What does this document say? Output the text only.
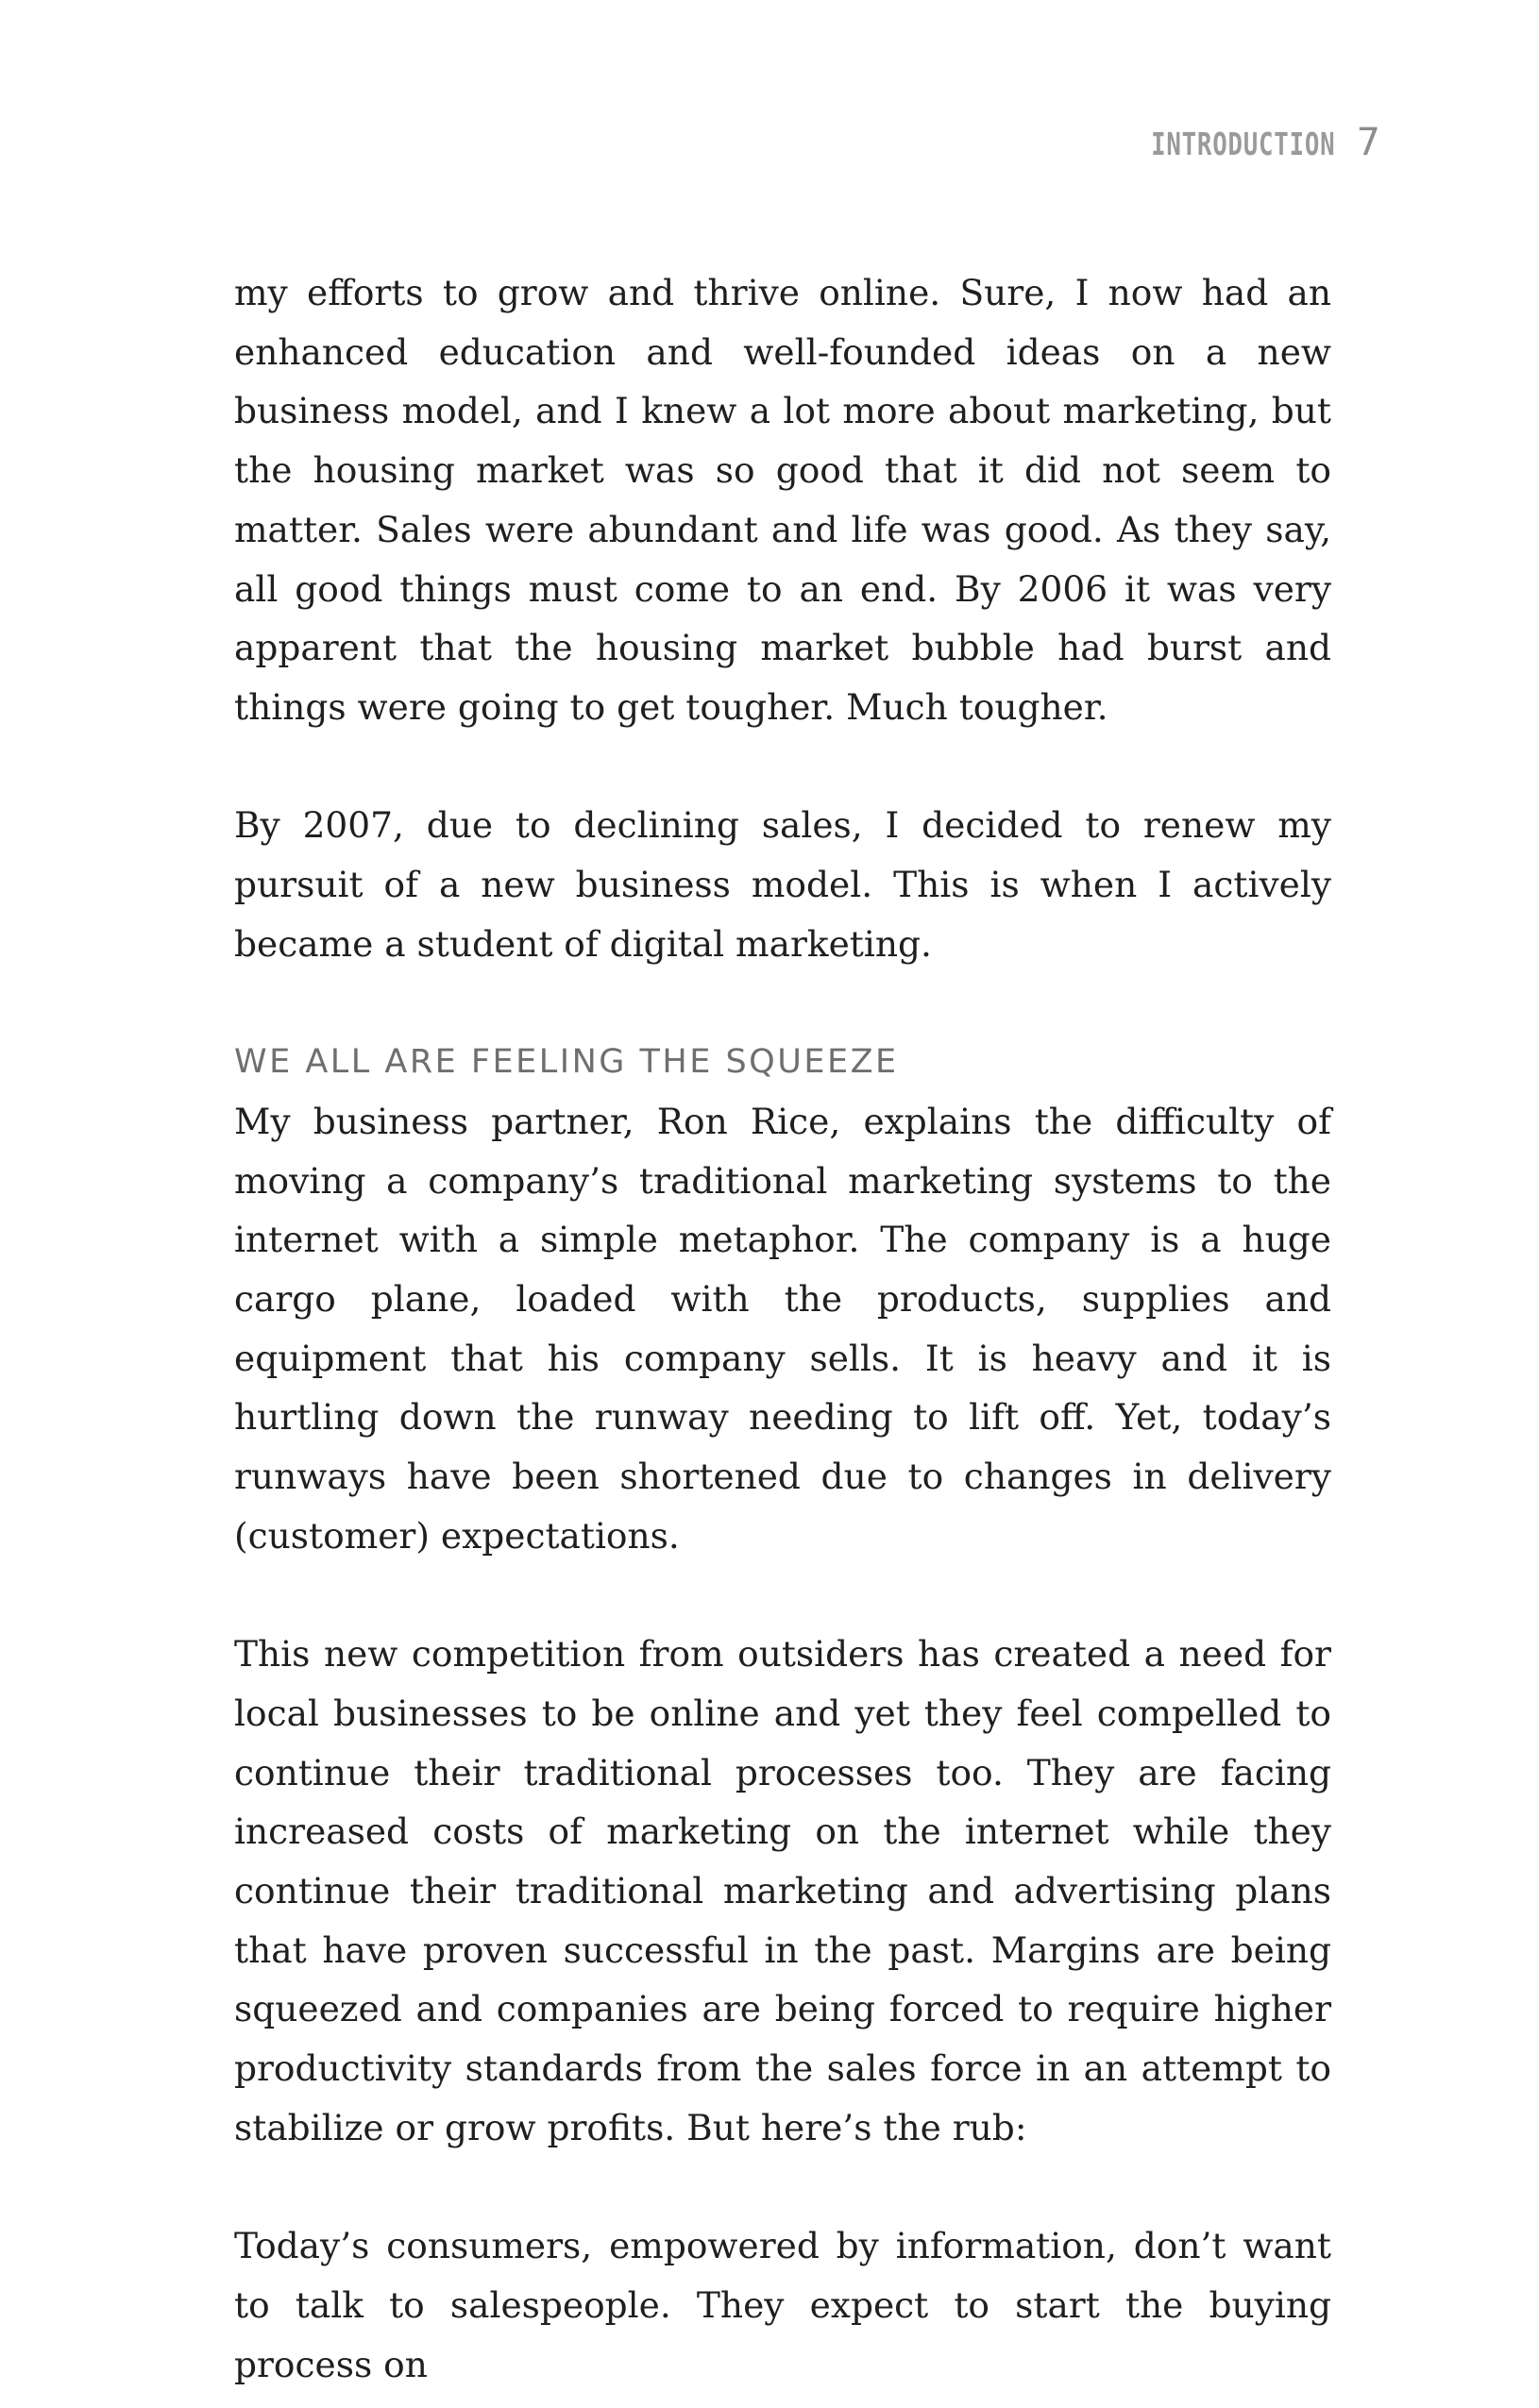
INTRODUCTION 7

my efforts to grow and thrive online. Sure, I now had an enhanced education and well-founded ideas on a new business model, and I knew a lot more about marketing, but the housing market was so good that it did not seem to matter. Sales were abundant and life was good. As they say, all good things must come to an end. By 2006 it was very apparent that the housing market bubble had burst and things were going to get tougher. Much tougher.

By 2007, due to declining sales, I decided to renew my pursuit of a new business model. This is when I actively became a student of digital marketing.

WE ALL ARE FEELING THE SQUEEZE

My business partner, Ron Rice, explains the difficulty of moving a company’s traditional marketing systems to the internet with a simple metaphor. The company is a huge cargo plane, loaded with the products, supplies and equipment that his company sells. It is heavy and it is hurtling down the runway needing to lift off. Yet, today’s runways have been shortened due to changes in delivery (customer) expectations.

This new competition from outsiders has created a need for local businesses to be online and yet they feel compelled to continue their traditional processes too. They are facing increased costs of marketing on the internet while they continue their traditional marketing and advertising plans that have proven successful in the past. Margins are being squeezed and companies are being forced to require higher productivity standards from the sales force in an attempt to stabilize or grow profits. But here’s the rub:

Today’s consumers, empowered by information, don’t want to talk to salespeople. They expect to start the buying process on
